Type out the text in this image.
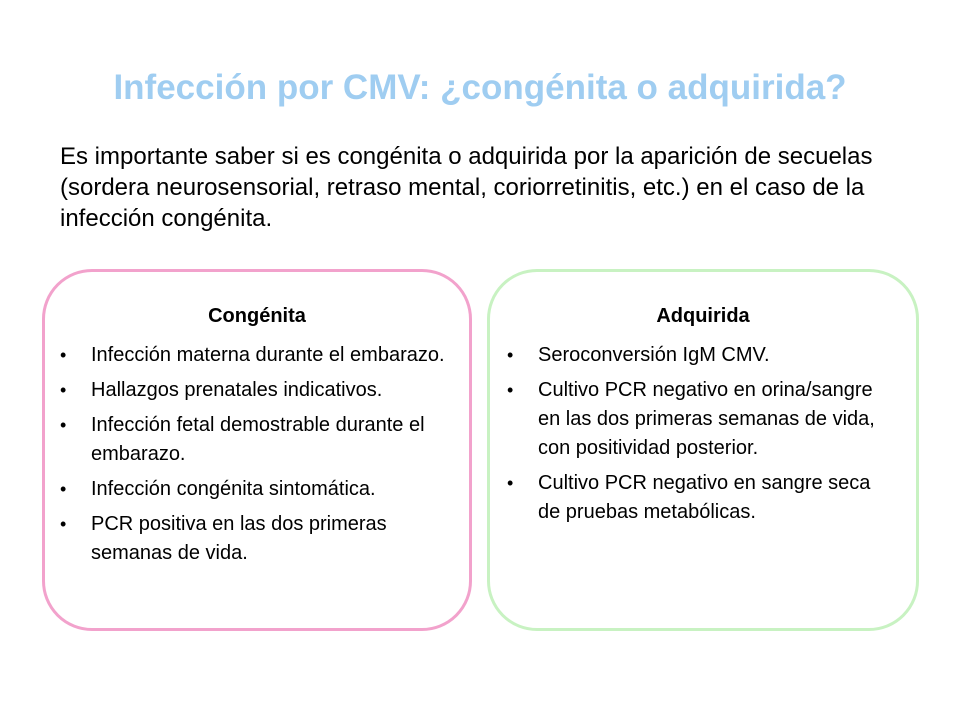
Infección por CMV: ¿congénita o adquirida?

Es importante saber si es congénita o adquirida por la aparición de secuelas (sordera neurosensorial, retraso mental, coriorretinitis, etc.) en el caso de la infección congénita.

Congénita
• Infección materna durante el embarazo.
• Hallazgos prenatales indicativos.
• Infección fetal demostrable durante el embarazo.
• Infección congénita sintomática.
• PCR positiva en las dos primeras semanas de vida.
Adquirida
• Seroconversión IgM CMV.
• Cultivo PCR negativo en orina/sangre en las dos primeras semanas de vida, con positividad posterior.
• Cultivo PCR negativo en sangre seca de pruebas metabólicas.
